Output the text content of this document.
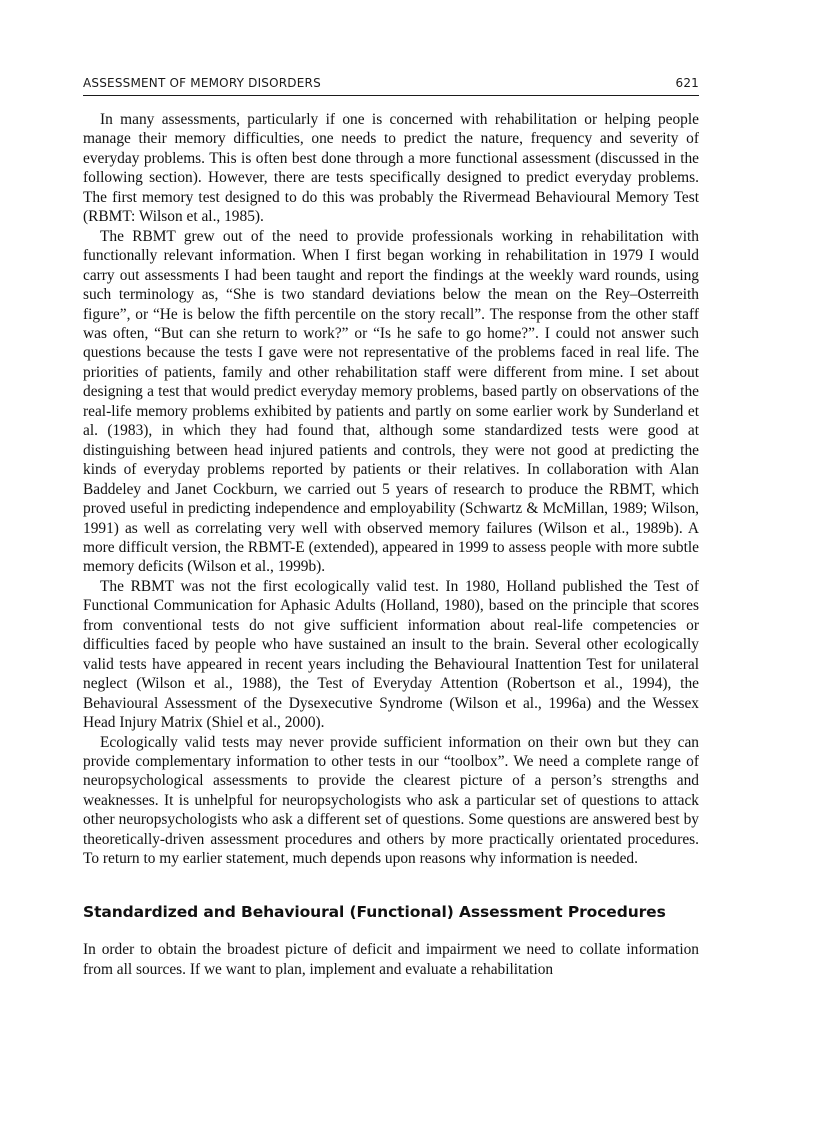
ASSESSMENT OF MEMORY DISORDERS	621

In many assessments, particularly if one is concerned with rehabilitation or helping people manage their memory difficulties, one needs to predict the nature, frequency and severity of everyday problems. This is often best done through a more functional assessment (discussed in the following section). However, there are tests specifically designed to predict everyday problems. The first memory test designed to do this was probably the Rivermead Behavioural Memory Test (RBMT: Wilson et al., 1985).

The RBMT grew out of the need to provide professionals working in rehabilitation with functionally relevant information. When I first began working in rehabilitation in 1979 I would carry out assessments I had been taught and report the findings at the weekly ward rounds, using such terminology as, “She is two standard deviations below the mean on the Rey–Osterreith figure”, or “He is below the fifth percentile on the story recall”. The response from the other staff was often, “But can she return to work?” or “Is he safe to go home?”. I could not answer such questions because the tests I gave were not representative of the problems faced in real life. The priorities of patients, family and other rehabilitation staff were different from mine. I set about designing a test that would predict everyday memory problems, based partly on observations of the real-life memory problems exhibited by patients and partly on some earlier work by Sunderland et al. (1983), in which they had found that, although some standardized tests were good at distinguishing between head injured patients and controls, they were not good at predicting the kinds of everyday problems reported by patients or their relatives. In collaboration with Alan Baddeley and Janet Cockburn, we carried out 5 years of research to produce the RBMT, which proved useful in predicting independence and employability (Schwartz & McMillan, 1989; Wilson, 1991) as well as correlating very well with observed memory failures (Wilson et al., 1989b). A more difficult version, the RBMT-E (extended), appeared in 1999 to assess people with more subtle memory deficits (Wilson et al., 1999b).

The RBMT was not the first ecologically valid test. In 1980, Holland published the Test of Functional Communication for Aphasic Adults (Holland, 1980), based on the principle that scores from conventional tests do not give sufficient information about real-life competencies or difficulties faced by people who have sustained an insult to the brain. Several other ecologically valid tests have appeared in recent years including the Behavioural Inattention Test for unilateral neglect (Wilson et al., 1988), the Test of Everyday Attention (Robertson et al., 1994), the Behavioural Assessment of the Dysexecutive Syndrome (Wilson et al., 1996a) and the Wessex Head Injury Matrix (Shiel et al., 2000).

Ecologically valid tests may never provide sufficient information on their own but they can provide complementary information to other tests in our “toolbox”. We need a complete range of neuropsychological assessments to provide the clearest picture of a person’s strengths and weaknesses. It is unhelpful for neuropsychologists who ask a particular set of questions to attack other neuropsychologists who ask a different set of questions. Some questions are answered best by theoretically-driven assessment procedures and others by more practically orientated procedures. To return to my earlier statement, much depends upon reasons why information is needed.

Standardized and Behavioural (Functional) Assessment Procedures

In order to obtain the broadest picture of deficit and impairment we need to collate information from all sources. If we want to plan, implement and evaluate a rehabilitation
